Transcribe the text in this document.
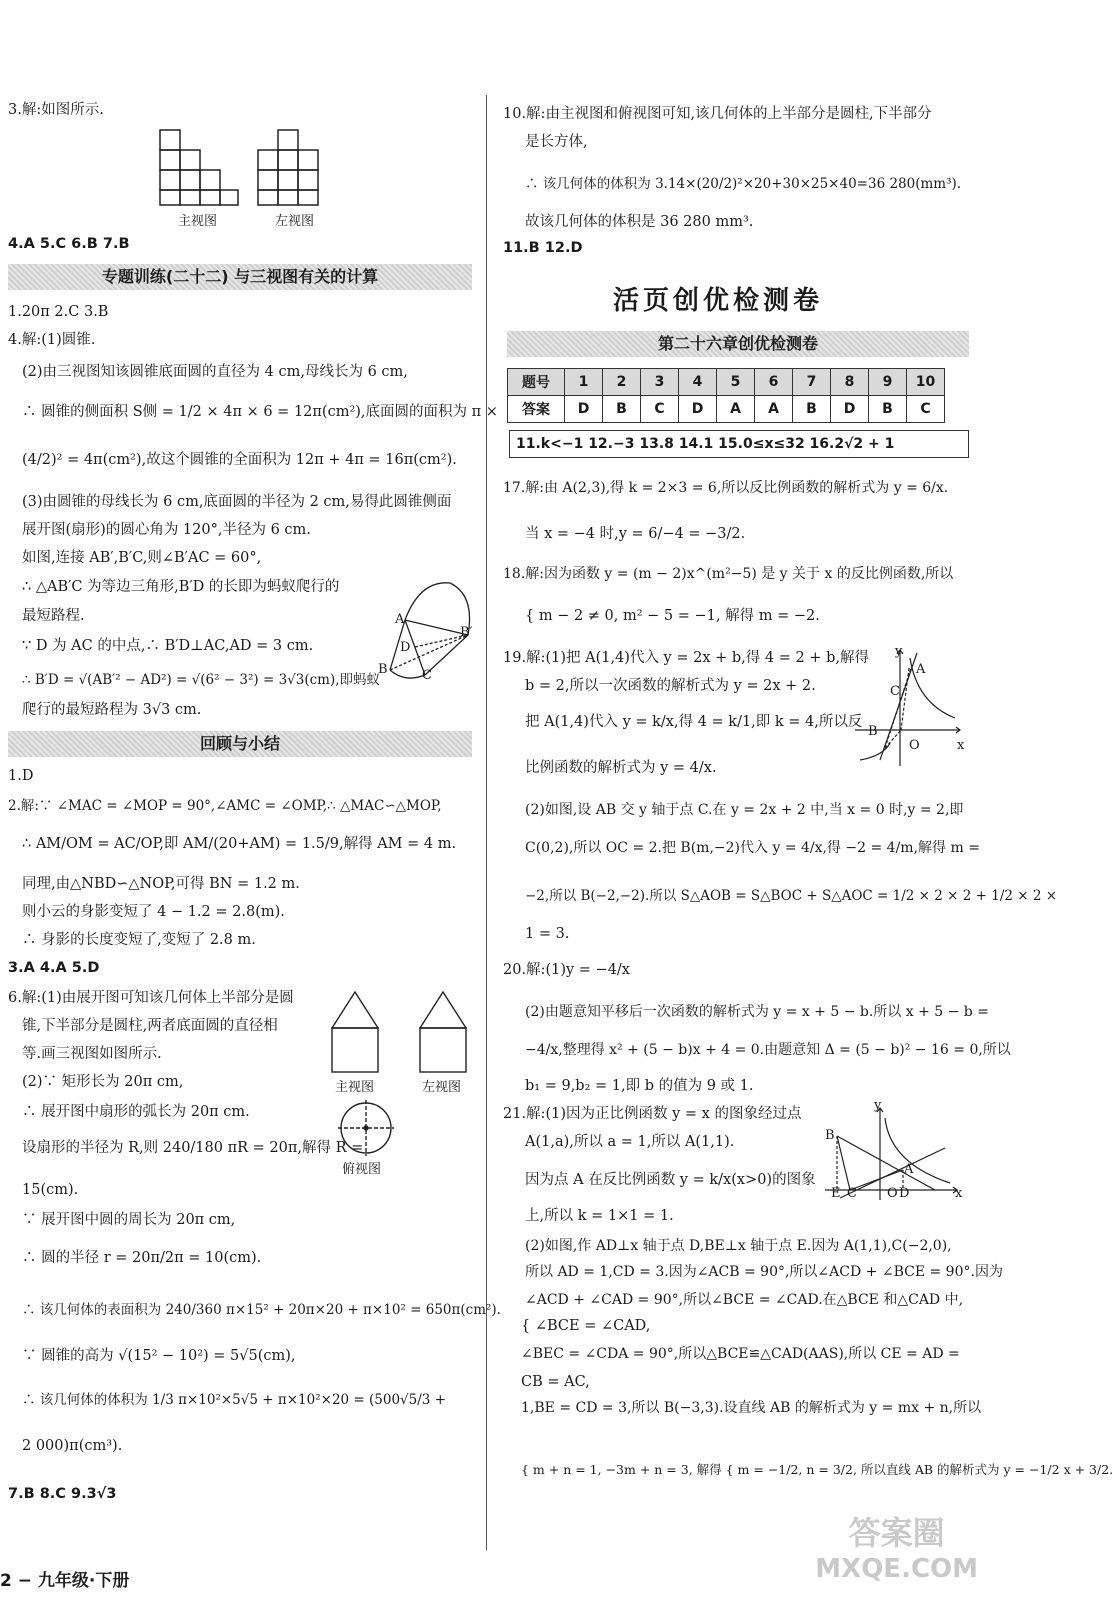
3.解:如图所示.
主视图	左视图
4.A 5.C 6.B 7.B
专题训练(二十二) 与三视图有关的计算
1.20π 2.C 3.B
4.解:(1)圆锥.
(2)由三视图知该圆锥底面圆的直径为 4 cm,母线长为 6 cm,
∴ 圆锥的侧面积 S侧 = 1/2 × 4π × 6 = 12π(cm²),底面圆的面积为 π ×
(4/2)² = 4π(cm²),故这个圆锥的全面积为 12π + 4π = 16π(cm²).
(3)由圆锥的母线长为 6 cm,底面圆的半径为 2 cm,易得此圆锥侧面
展开图(扇形)的圆心角为 120°,半径为 6 cm.
如图,连接 AB′,B′C,则∠B′AC = 60°,
∴ △AB′C 为等边三角形,B′D 的长即为蚂蚁爬行的
最短路程.
∵ D 为 AC 的中点,∴ B′D⊥AC,AD = 3 cm.
∴ B′D = √(AB′² − AD²) = √(6² − 3²) = 3√3(cm),即蚂蚁
爬行的最短路程为 3√3 cm.
A
B′
B	C
D
回顾与小结
1.D
2.解:∵ ∠MAC = ∠MOP = 90°,∠AMC = ∠OMP,∴ △MAC∽△MOP,
∴ AM/OM = AC/OP,即 AM/(20+AM) = 1.5/9,解得 AM = 4 m.
同理,由△NBD∽△NOP,可得 BN = 1.2 m.
则小云的身影变短了 4 − 1.2 = 2.8(m).
∴ 身影的长度变短了,变短了 2.8 m.
3.A 4.A 5.D
6.解:(1)由展开图可知该几何体上半部分是圆
锥,下半部分是圆柱,两者底面圆的直径相
等.画三视图如图所示.
(2)∵ 矩形长为 20π cm,
∴ 展开图中扇形的弧长为 20π cm.
设扇形的半径为 R,则 240/180 πR = 20π,解得 R =
15(cm).
∵ 展开图中圆的周长为 20π cm,
∴ 圆的半径 r = 20π/2π = 10(cm).
∴ 该几何体的表面积为 240/360 π×15² + 20π×20 + π×10² = 650π(cm²).
∵ 圆锥的高为 √(15² − 10²) = 5√5(cm),
∴ 该几何体的体积为 1/3 π×10²×5√5 + π×10²×20 = (500√5/3 +
2 000)π(cm³).
7.B 8.C 9.3√3
主视图	左视图
俯视图
10.解:由主视图和俯视图可知,该几何体的上半部分是圆柱,下半部分
是长方体,
∴ 该几何体的体积为 3.14×(20/2)²×20+30×25×40=36 280(mm³).
故该几何体的体积是 36 280 mm³.
11.B 12.D
活页创优检测卷
第二十六章创优检测卷
题号	1	2	3	4	5	6	7	8	9	10
答案	D	B	C	D	A	A	B	D	B	C
11.k<−1 12.−3 13.8 14.1 15.0≤x≤32 16.2√2 + 1
17.解:由 A(2,3),得 k = 2×3 = 6,所以反比例函数的解析式为 y = 6/x.
当 x = −4 时,y = 6/−4 = −3/2.
18.解:因为函数 y = (m − 2)x^(m²−5) 是 y 关于 x 的反比例函数,所以
{ m − 2 ≠ 0, m² − 5 = −1, 解得 m = −2.
19.解:(1)把 A(1,4)代入 y = 2x + b,得 4 = 2 + b,解得
b = 2,所以一次函数的解析式为 y = 2x + 2.
把 A(1,4)代入 y = k/x,得 4 = k/1,即 k = 4,所以反
比例函数的解析式为 y = 4/x.
(2)如图,设 AB 交 y 轴于点 C.在 y = 2x + 2 中,当 x = 0 时,y = 2,即
C(0,2),所以 OC = 2.把 B(m,−2)代入 y = 4/x,得 −2 = 4/m,解得 m =
−2,所以 B(−2,−2).所以 S△AOB = S△BOC + S△AOC = 1/2 × 2 × 2 + 1/2 × 2 ×
1 = 3.
20.解:(1)y = −4/x
(2)由题意知平移后一次函数的解析式为 y = x + 5 − b.所以 x + 5 − b =
−4/x,整理得 x² + (5 − b)x + 4 = 0.由题意知 Δ = (5 − b)² − 16 = 0,所以
b₁ = 9,b₂ = 1,即 b 的值为 9 或 1.
21.解:(1)因为正比例函数 y = x 的图象经过点
A(1,a),所以 a = 1,所以 A(1,1).
因为点 A 在反比例函数 y = k/x(x>0)的图象
上,所以 k = 1×1 = 1.
(2)如图,作 AD⊥x 轴于点 D,BE⊥x 轴于点 E.因为 A(1,1),C(−2,0),
所以 AD = 1,CD = 3.因为∠ACB = 90°,所以∠ACD + ∠BCE = 90°.因为
∠ACD + ∠CAD = 90°,所以∠BCE = ∠CAD.在△BCE 和△CAD 中,
{ ∠BCE = ∠CAD,
∠BEC = ∠CDA = 90°,所以△BCE≌△CAD(AAS),所以 CE = AD =
CB = AC,
1,BE = CD = 3,所以 B(−3,3).设直线 AB 的解析式为 y = mx + n,所以
{ m + n = 1, −3m + n = 3, 解得 { m = −1/2, n = 3/2, 所以直线 AB 的解析式为 y = −1/2 x + 3/2.
y
A
C
B
O	x
y
B
A
E C O D	x
2 − 九年级·下册
答案圈
MXQE.COM
